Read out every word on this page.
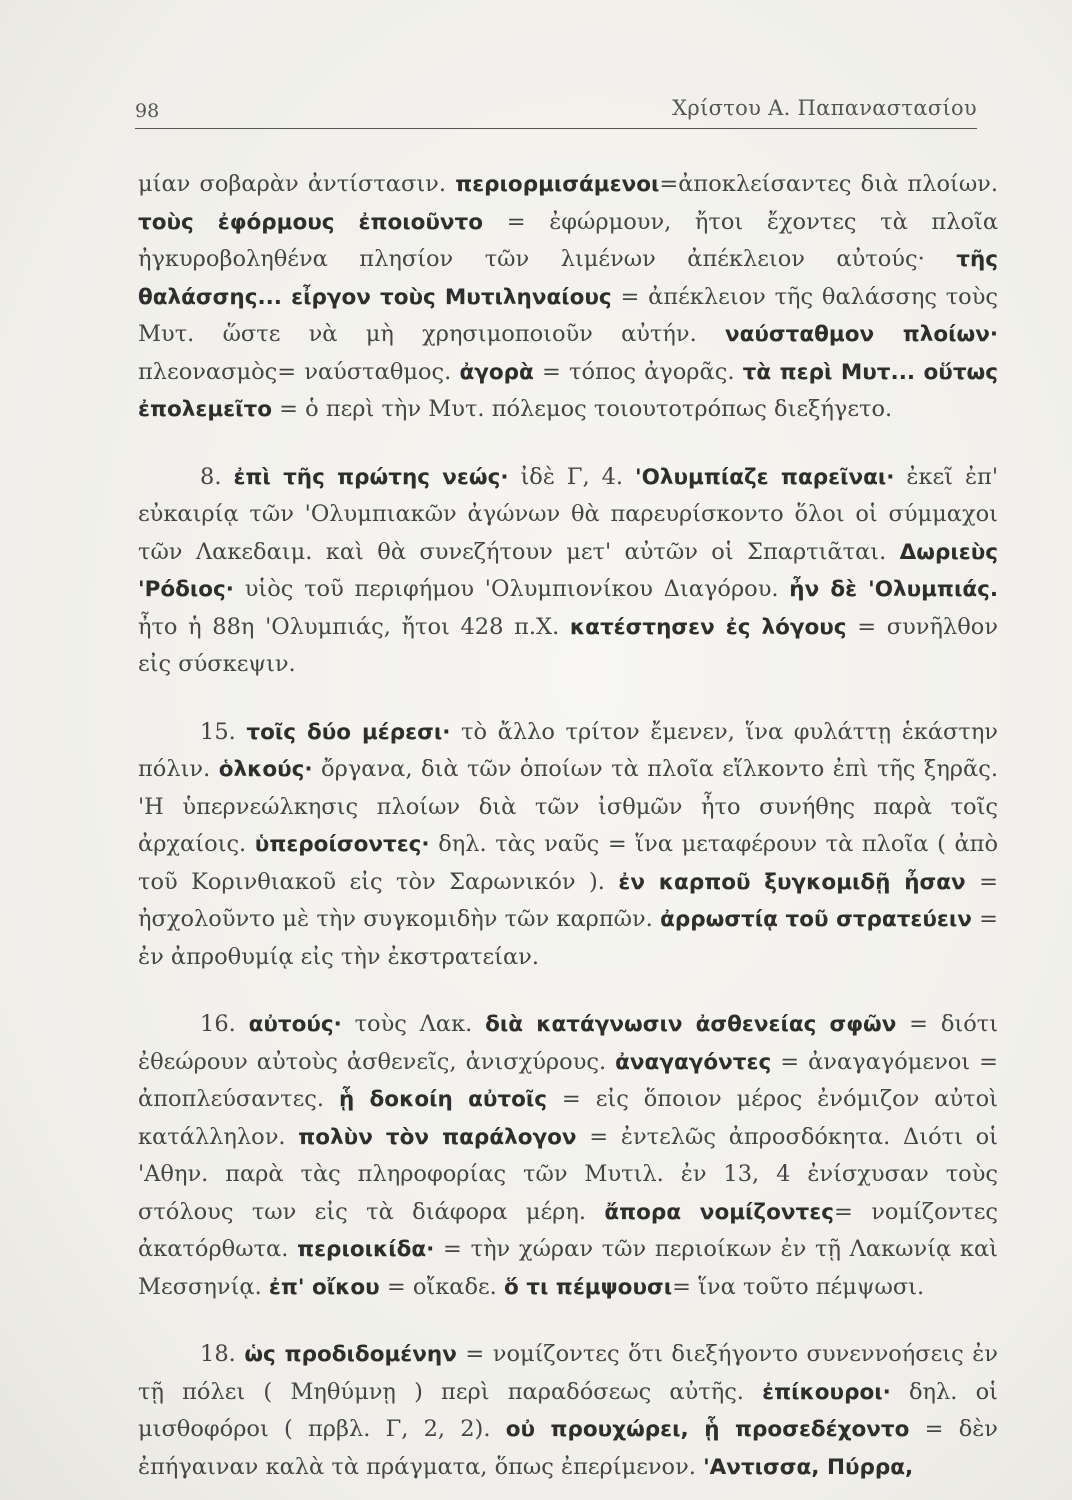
98	Χρίστου Α. Παπαναστασίου

μίαν σοβαρὰν ἀντίστασιν. περιορμισάμενοι=ἀποκλείσαντες διὰ πλοίων. τοὺς ἐφόρμους ἐποιοῦντο = ἐφώρμουν, ἤτοι ἔχοντες τὰ πλοῖα ἠγκυροβοληθένα πλησίον τῶν λιμένων ἀπέκλειον αὐτούς· τῆς θαλάσσης... εἶργον τοὺς Μυτιληναίους = ἀπέκλειον τῆς θαλάσσης τοὺς Μυτ. ὥστε νὰ μὴ χρησιμοποιοῦν αὐτήν. ναύσταθμον πλοίων· πλεονασμὸς= ναύσταθμος. ἀγορὰ = τόπος ἀγορᾶς. τὰ περὶ Μυτ... οὕτως ἐπολεμεῖτο = ὁ περὶ τὴν Μυτ. πόλεμος τοιουτοτρόπως διεξήγετο.

8. ἐπὶ τῆς πρώτης νεώς· ἰδὲ Γ, 4. 'Ολυμπίαζε παρεῖναι· ἐκεῖ ἐπ' εὐκαιρίᾳ τῶν 'Ολυμπιακῶν ἀγώνων θὰ παρευρίσκοντο ὅλοι οἱ σύμμαχοι τῶν Λακεδαιμ. καὶ θὰ συνεζήτουν μετ' αὐτῶν οἱ Σπαρτιᾶται. Δωριεὺς 'Ρόδιος· υἱὸς τοῦ περιφήμου 'Ολυμπιονίκου Διαγόρου. ἦν δὲ 'Ολυμπιάς. ἦτο ἡ 88η 'Ολυμπιάς, ἤτοι 428 π.Χ. κατέστησεν ἐς λόγους = συνῆλθον εἰς σύσκεψιν.

15. τοῖς δύο μέρεσι· τὸ ἄλλο τρίτον ἔμενεν, ἵνα φυλάττῃ ἑκάστην πόλιν. ὁλκούς· ὄργανα, διὰ τῶν ὁποίων τὰ πλοῖα εἵλκοντο ἐπὶ τῆς ξηρᾶς. 'Η ὑπερνεώλκησις πλοίων διὰ τῶν ἰσθμῶν ἦτο συνήθης παρὰ τοῖς ἀρχαίοις. ὑπεροίσοντες· δηλ. τὰς ναῦς = ἵνα μεταφέρουν τὰ πλοῖα ( ἀπὸ τοῦ Κορινθιακοῦ εἰς τὸν Σαρωνικόν ). ἐν καρποῦ ξυγκομιδῇ ἦσαν = ἠσχολοῦντο μὲ τὴν συγκομιδὴν τῶν καρπῶν. ἀρρωστίᾳ τοῦ στρατεύειν = ἐν ἀπροθυμίᾳ εἰς τὴν ἐκστρατείαν.

16. αὐτούς· τοὺς Λακ. διὰ κατάγνωσιν ἀσθενείας σφῶν = διότι ἐθεώρουν αὐτοὺς ἀσθενεῖς, ἀνισχύρους. ἀναγαγόντες = ἀναγαγόμενοι = ἀποπλεύσαντες. ᾗ δοκοίη αὐτοῖς = εἰς ὅποιον μέρος ἐνόμιζον αὐτοὶ κατάλληλον. πολὺν τὸν παράλογον = ἐντελῶς ἀπροσδόκητα. Διότι οἱ 'Αθην. παρὰ τὰς πληροφορίας τῶν Μυτιλ. ἐν 13, 4 ἐνίσχυσαν τοὺς στόλους των εἰς τὰ διάφορα μέρη. ἄπορα νομίζοντες= νομίζοντες ἀκατόρθωτα. περιοικίδα· = τὴν χώραν τῶν περιοίκων ἐν τῇ Λακωνίᾳ καὶ Μεσσηνίᾳ. ἐπ' οἴκου = οἴκαδε. ὅ τι πέμψουσι= ἵνα τοῦτο πέμψωσι.

18. ὡς προδιδομένην = νομίζοντες ὅτι διεξήγοντο συνεννοήσεις ἐν τῇ πόλει ( Μηθύμνῃ ) περὶ παραδόσεως αὐτῆς. ἐπίκουροι· δηλ. οἱ μισθοφόροι ( πρβλ. Γ, 2, 2). οὐ προυχώρει, ᾗ προσεδέχοντο = δὲν ἐπήγαιναν καλὰ τὰ πράγματα, ὅπως ἐπερίμενον. 'Αντισσα, Πύρρα,
